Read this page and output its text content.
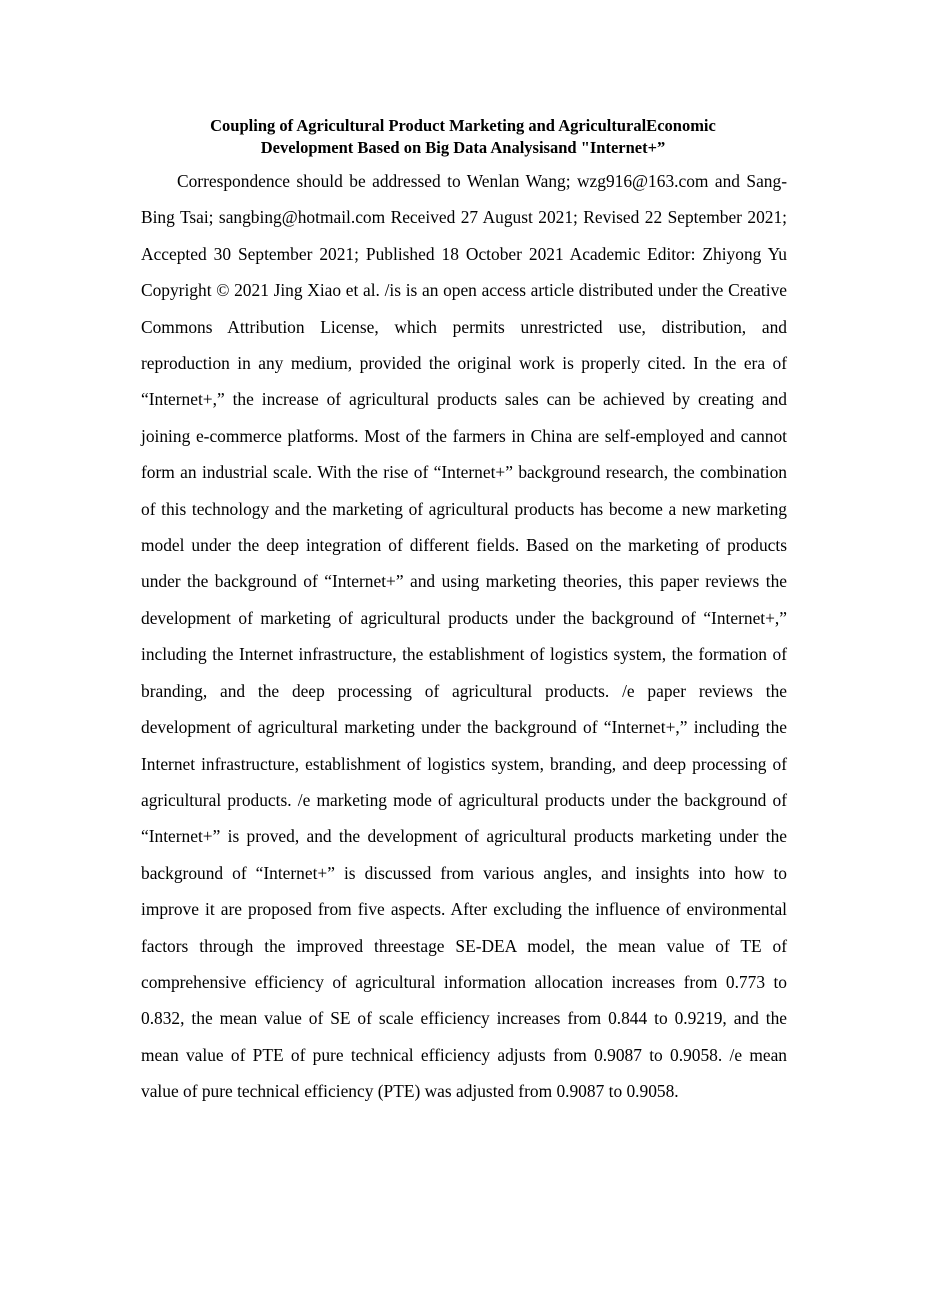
Coupling of Agricultural Product Marketing and AgriculturalEconomic
Development Based on Big Data Analysisand "Internet+”

Correspondence should be addressed to Wenlan Wang; wzg916@163.com and Sang-Bing Tsai; sangbing@hotmail.com Received 27 August 2021; Revised 22 September 2021; Accepted 30 September 2021; Published 18 October 2021 Academic Editor: Zhiyong Yu Copyright © 2021 Jing Xiao et al. /is is an open access article distributed under the Creative Commons Attribution License, which permits unrestricted use, distribution, and reproduction in any medium, provided the original work is properly cited. In the era of “Internet+,” the increase of agricultural products sales can be achieved by creating and joining e-commerce platforms. Most of the farmers in China are self-employed and cannot form an industrial scale. With the rise of “Internet+” background research, the combination of this technology and the marketing of agricultural products has become a new marketing model under the deep integration of different fields. Based on the marketing of products under the background of “Internet+” and using marketing theories, this paper reviews the development of marketing of agricultural products under the background of “Internet+,” including the Internet infrastructure, the establishment of logistics system, the formation of branding, and the deep processing of agricultural products. /e paper reviews the development of agricultural marketing under the background of “Internet+,” including the Internet infrastructure, establishment of logistics system, branding, and deep processing of agricultural products. /e marketing mode of agricultural products under the background of “Internet+” is proved, and the development of agricultural products marketing under the background of “Internet+” is discussed from various angles, and insights into how to improve it are proposed from five aspects. After excluding the influence of environmental factors through the improved threestage SE-DEA model, the mean value of TE of comprehensive efficiency of agricultural information allocation increases from 0.773 to 0.832, the mean value of SE of scale efficiency increases from 0.844 to 0.9219, and the mean value of PTE of pure technical efficiency adjusts from 0.9087 to 0.9058. /e mean value of pure technical efficiency (PTE) was adjusted from 0.9087 to 0.9058.
